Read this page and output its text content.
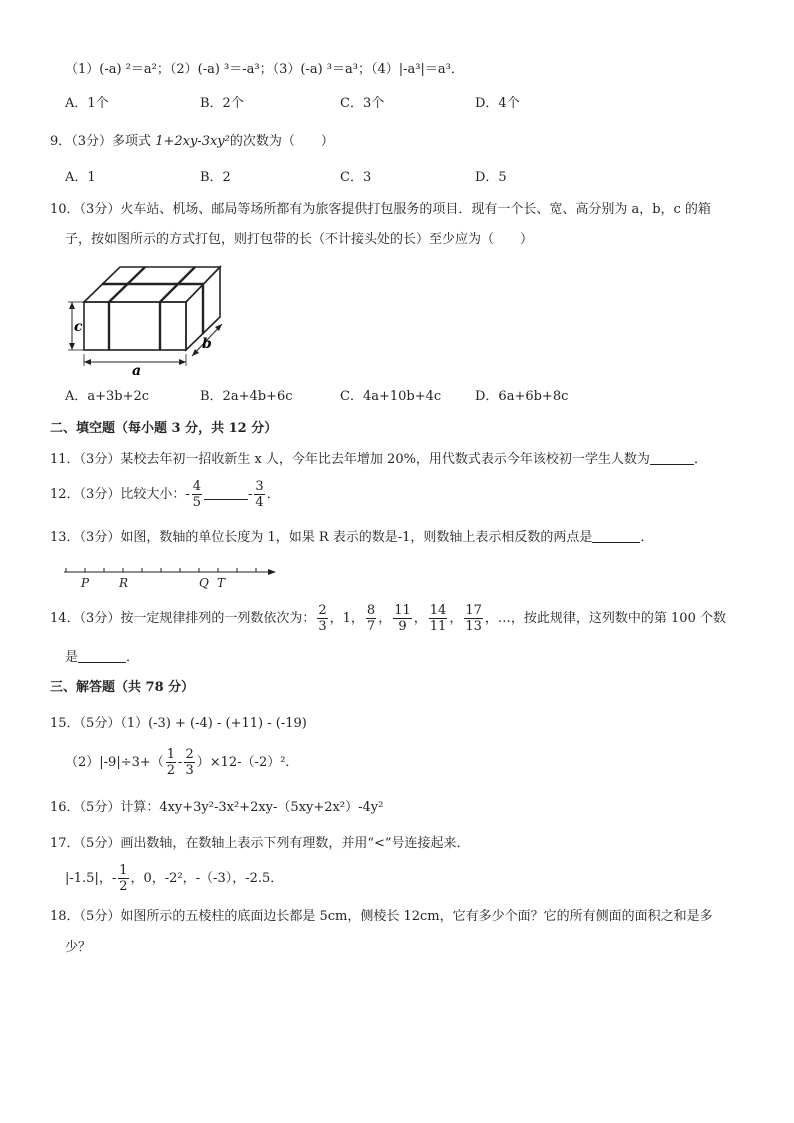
（1）(-a) ²＝a²；（2）(-a) ³＝-a³；（3）(-a) ³＝a³；（4）|-a³|＝a³．
A．1个	B．2个	C．3个	D．4个
9．（3分）多项式 1+2xy-3xy²的次数为（　　）
A．1	B．2	C．3	D．5
10．（3分）火车站、机场、邮局等场所都有为旅客提供打包服务的项目．现有一个长、宽、高分别为 a，b，c 的箱
子，按如图所示的方式打包，则打包带的长（不计接头处的长）至少应为（　　）
c
a
b
A．a+3b+2c	B．2a+4b+6c	C．4a+10b+4c	D．6a+6b+8c
二、填空题（每小题 3 分，共 12 分）
11．（3分）某校去年初一招收新生 x 人，今年比去年增加 20%，用代数式表示今年该校初一学生人数为	．
12．（3分）比较大小：- $\frac{4}{5}$	- $\frac{3}{4}$ ．
13．（3分）如图，数轴的单位长度为 1，如果 R 表示的数是-1，则数轴上表示相反数的两点是	．
P R	Q T
14．（3分）按一定规律排列的一列数依次为： $\frac{2}{3}$ ，1， $\frac{8}{7}$ ， $\frac{11}{9}$ ， $\frac{14}{11}$ ， $\frac{17}{13}$ ，…，按此规律，这列数中的第 100 个数
是	．
三、解答题（共 78 分）
15．（5分）（1）(-3) + (-4) - (+11) - (-19)
$(2)|-9|\div 3+( \frac{1}{2} - \frac{2}{3} )\times 12-(-2)^2$．
16．（5分）计算：4xy+3y²-3x²+2xy-（5xy+2x²）-4y²
17．（5分）画出数轴，在数轴上表示下列有理数，并用“<”号连接起来．
|-1.5|，- $\frac{1}{2}$ ，0，-2²，-（-3），-2.5．
18．（5分）如图所示的五棱柱的底面边长都是 5cm，侧棱长 12cm，它有多少个面？它的所有侧面的面积之和是多
少？
